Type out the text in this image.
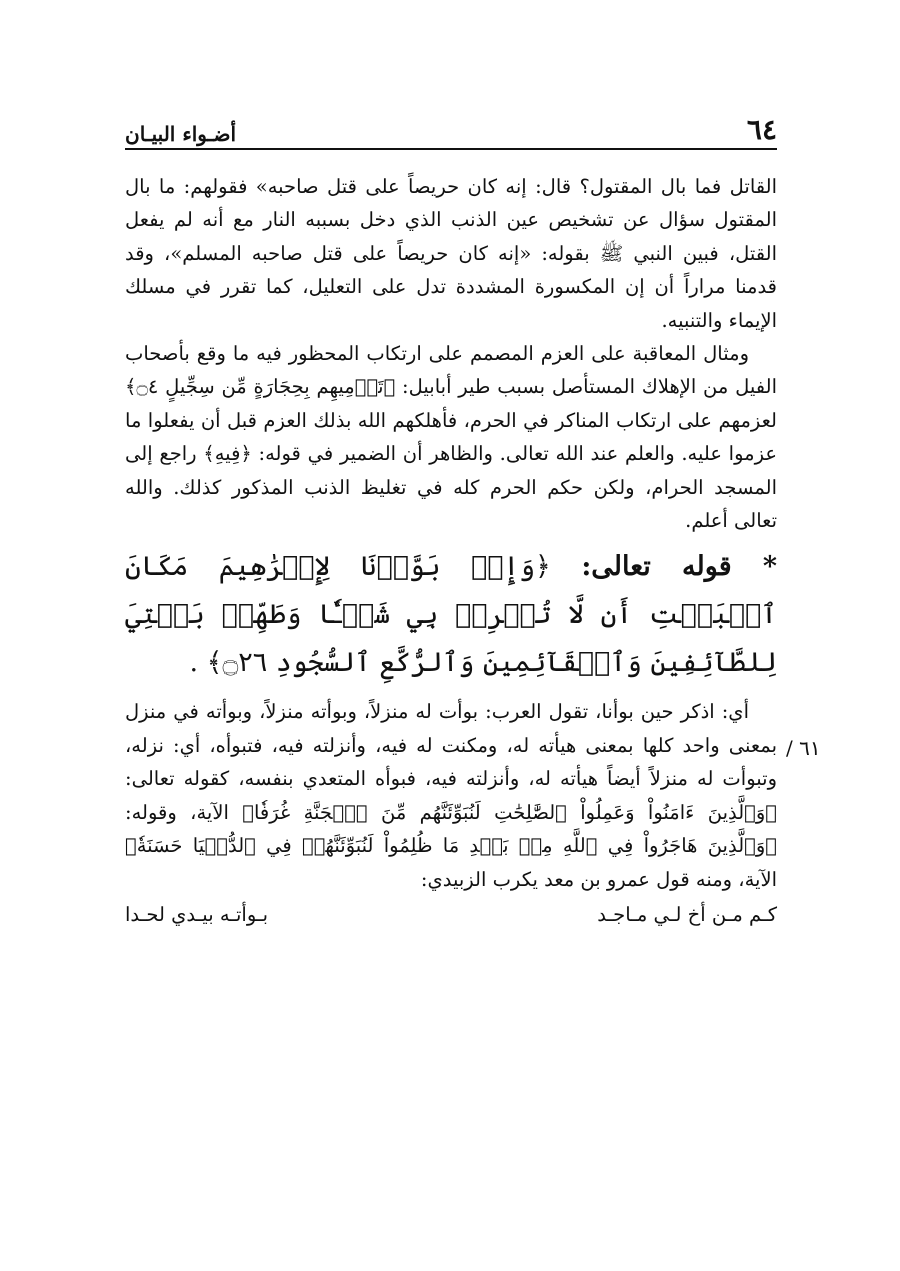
٦٤
أضـواء البيـان

القاتل فما بال المقتول؟ قال: إنه كان حريصاً على قتل صاحبه» فقولهم: ما بال المقتول سؤال عن تشخيص عين الذنب الذي دخل بسببه النار مع أنه لم يفعل القتل، فبين النبي ﷺ بقوله: «إنه كان حريصاً على قتل صاحبه المسلم»، وقد قدمنا مراراً أن إن المكسورة المشددة تدل على التعليل، كما تقرر في مسلك الإيماء والتنبيه.

ومثال المعاقبة على العزم المصمم على ارتكاب المحظور فيه ما وقع بأصحاب الفيل من الإهلاك المستأصل بسبب طير أبابيل: ﴿تَرۡمِيهِم بِحِجَارَةٍ مِّن سِجِّيلٍ ۝٤﴾ لعزمهم على ارتكاب المناكر في الحرم، فأهلكهم الله بذلك العزم قبل أن يفعلوا ما عزموا عليه. والعلم عند الله تعالى. والظاهر أن الضمير في قوله: ﴿فِيهِ﴾ راجع إلى المسجد الحرام، ولكن حكم الحرم كله في تغليظ الذنب المذكور كذلك. والله تعالى أعلم.

* قوله تعالى: ﴿وَإِذۡ بَوَّأۡنَا لِإِبۡرَٰهِيمَ مَكَانَ ٱلۡبَيۡتِ أَن لَّا تُشۡرِكۡ بِي شَيۡـٔٗا وَطَهِّرۡ بَيۡتِيَ لِلطَّآئِفِينَ وَٱلۡقَآئِمِينَ وَٱلرُّكَّعِ ٱلسُّجُودِ ۝٢٦﴾ .

أي: اذكر حين بوأنا، تقول العرب: بوأت له منزلاً، وبوأته منزلاً، وبوأته في منزل بمعنى واحد كلها بمعنى هيأته له، ومكنت له فيه، وأنزلته فيه، فتبوأه، أي: نزله، وتبوأت له منزلاً أيضاً هيأته له، وأنزلته فيه، فبوأه المتعدي بنفسه، كقوله تعالى: ﴿وَٱلَّذِينَ ءَامَنُواْ وَعَمِلُواْ ٱلصَّٰلِحَٰتِ لَنُبَوِّئَنَّهُم مِّنَ ٱلۡجَنَّةِ غُرَفٗا﴾ الآية، وقوله: ﴿وَٱلَّذِينَ هَاجَرُواْ فِي ٱللَّهِ مِنۢ بَعۡدِ مَا ظُلِمُواْ لَنُبَوِّئَنَّهُمۡ فِي ٱلدُّنۡيَا حَسَنَةٗ﴾ الآية، ومنه قول عمرو بن معد يكرب الزبيدي:

كـم مـن أخ لـي مـاجـد
بـوأتـه بيـدي لحـدا
٦١ /
